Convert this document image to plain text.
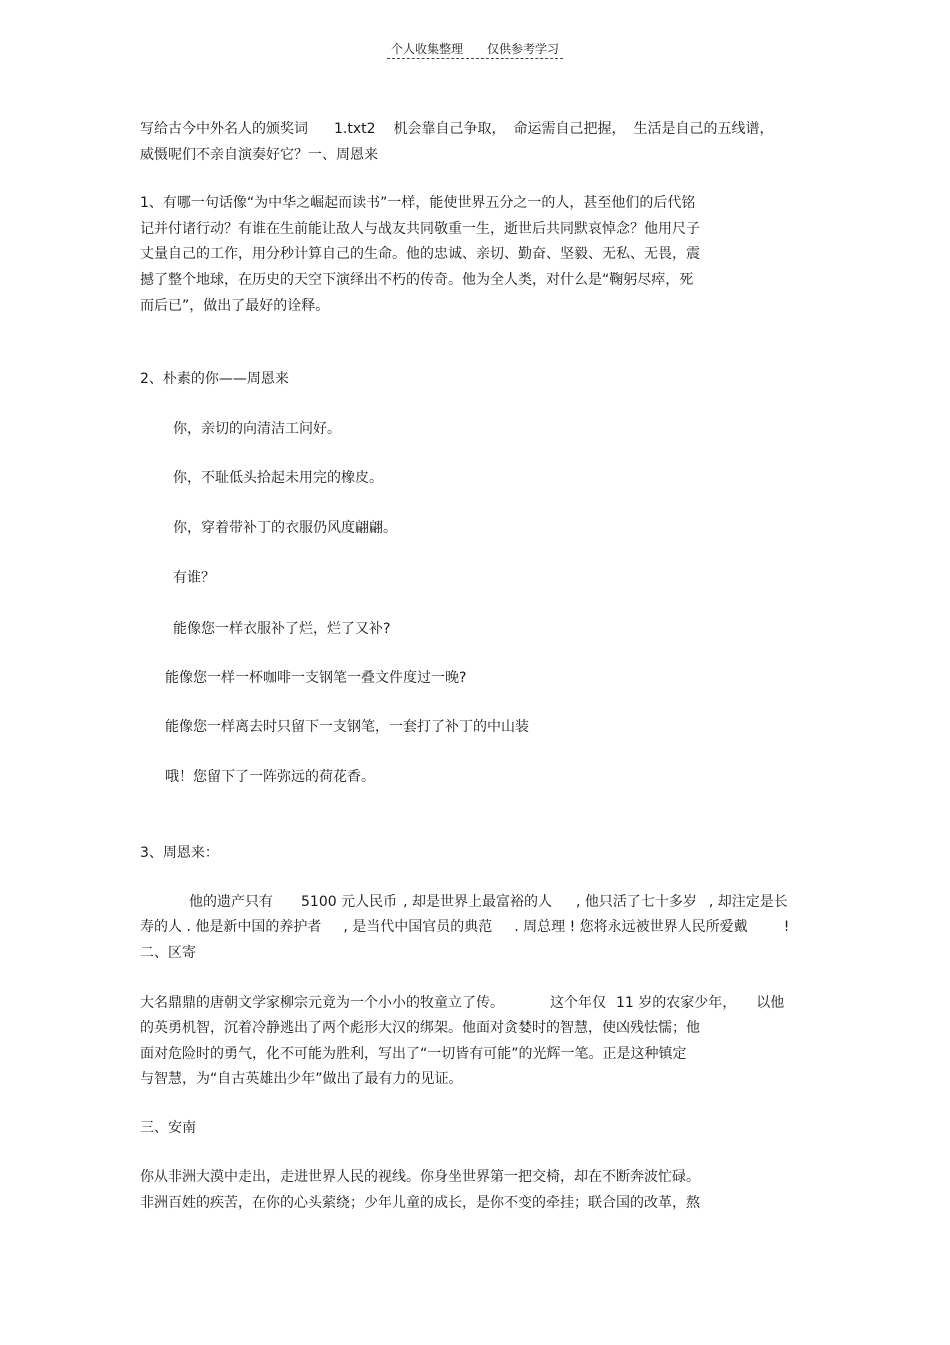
个人收集整理 仅供参考学习
写给古今中外名人的颁奖词 1.txt2 机会靠自己争取， 命运需自己把握， 生活是自己的五线谱，
威慑呢们不亲自演奏好它？一、周恩来
1、有哪一句话像“为中华之崛起而读书”一样，能使世界五分之一的人，甚至他们的后代铭
记并付诸行动？有谁在生前能让敌人与战友共同敬重一生，逝世后共同默哀悼念？他用尺子
丈量自己的工作，用分秒计算自己的生命。他的忠诚、亲切、勤奋、坚毅、无私、无畏，震
撼了整个地球，在历史的天空下演绎出不朽的传奇。他为全人类，对什么是“鞠躬尽瘁，死
而后已”，做出了最好的诠释。
2、朴素的你——周恩来
你，亲切的向清洁工问好。
你，不耻低头拾起未用完的橡皮。
你，穿着带补丁的衣服仍风度翩翩。
有谁？
能像您一样衣服补了烂，烂了又补?
能像您一样一杯咖啡一支钢笔一叠文件度过一晚?
能像您一样离去时只留下一支钢笔，一套打了补丁的中山装
哦！您留下了一阵弥远的荷花香。
3、周恩来：
他的遗产只有 5100 元人民币 , 却是世界上最富裕的人 , 他只活了七十多岁 , 却注定是长
寿的人 . 他是新中国的养护者 , 是当代中国官员的典范 . 周总理 ! 您将永远被世界人民所爱戴	!
二、区寄
大名鼎鼎的唐朝文学家柳宗元竟为一个小小的牧童立了传。	这个年仅 11 岁的农家少年， 以他
的英勇机智，沉着冷静逃出了两个彪形大汉的绑架。他面对贪婪时的智慧，使凶残怯懦；他
面对危险时的勇气，化不可能为胜利，写出了“一切皆有可能”的光辉一笔。正是这种镇定
与智慧，为“自古英雄出少年”做出了最有力的见证。
三、安南
你从非洲大漠中走出，走进世界人民的视线。你身坐世界第一把交椅，却在不断奔波忙碌。
非洲百姓的疾苦，在你的心头萦绕；少年儿童的成长，是你不变的牵挂；联合国的改革，熬
